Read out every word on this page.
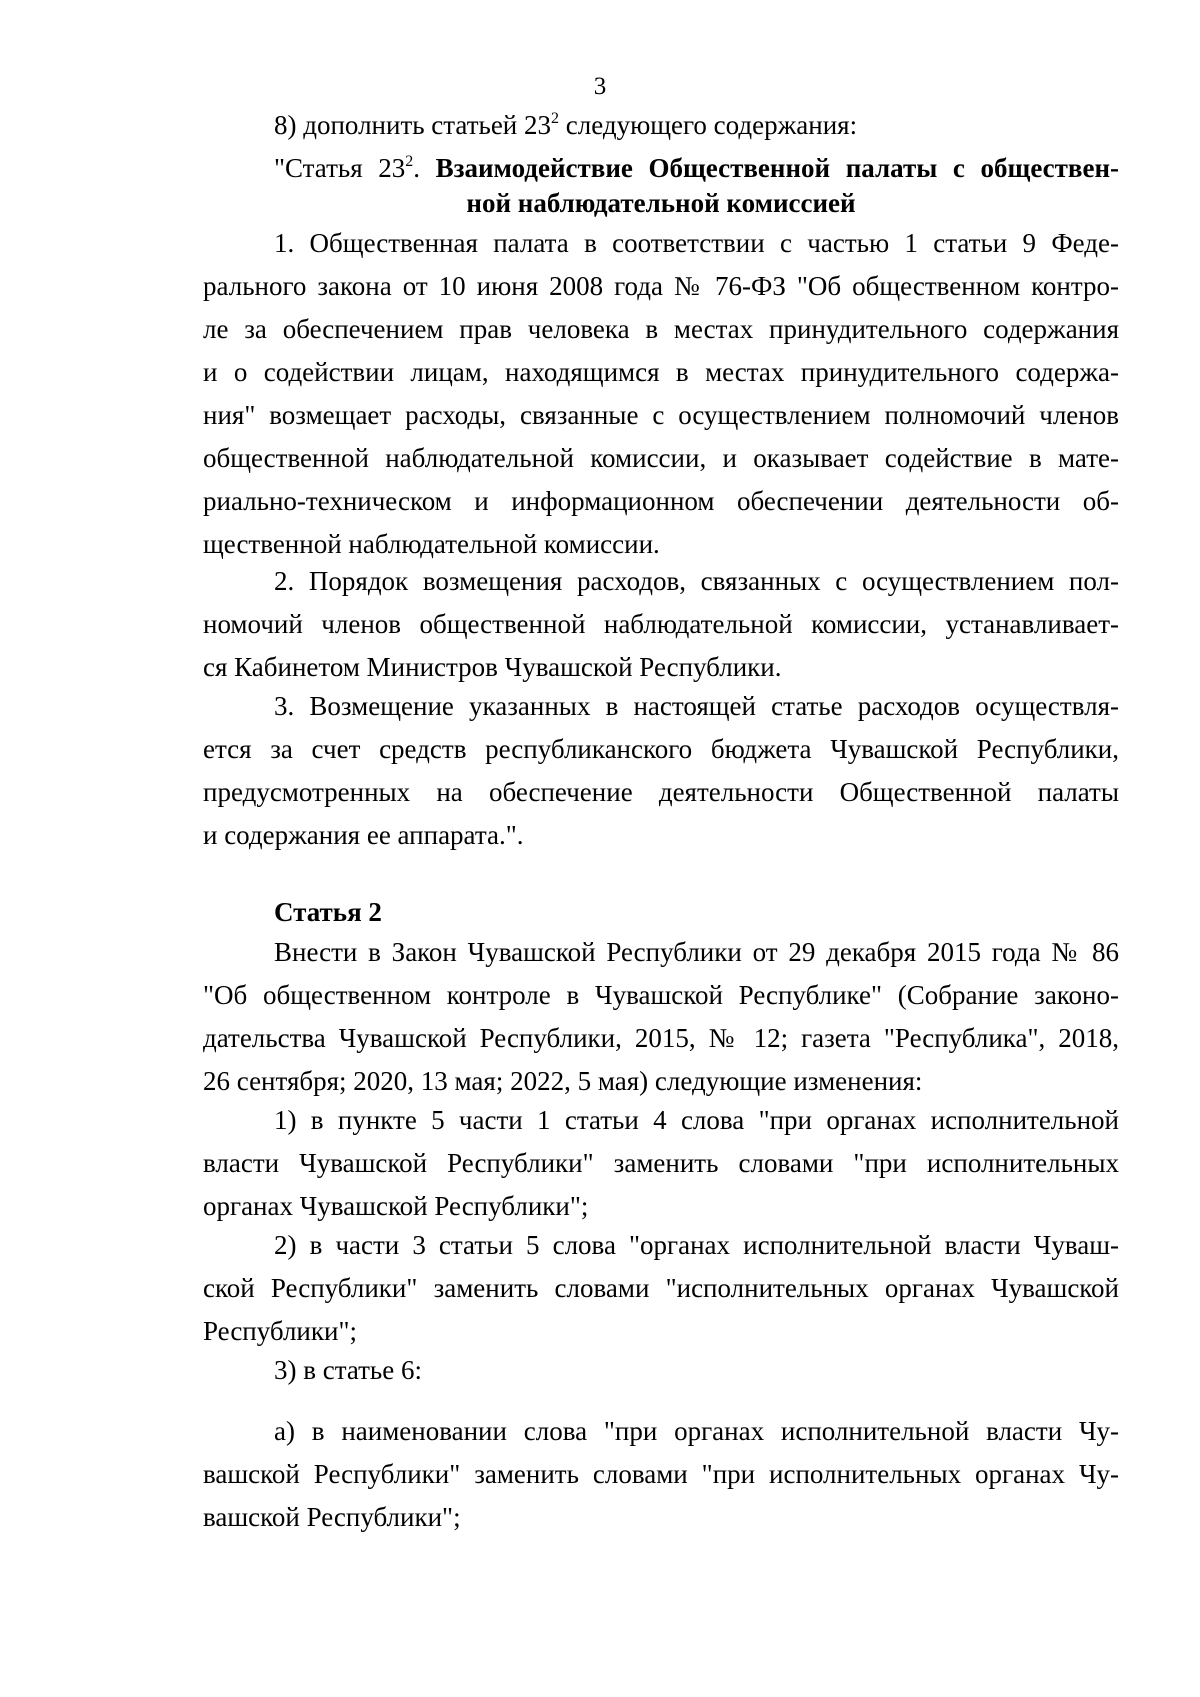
3

8) дополнить статьей $23^2$ следующего содержания:

"Статья $23^2$. Взаимодействие Общественной палаты с обществен-

ной наблюдательной комиссией

1. Общественная палата в соответствии с частью 1 статьи 9 Феде-
рального закона от 10 июня 2008 года № 76-ФЗ "Об общественном контро-
ле за обеспечением прав человека в местах принудительного содержания
и о содействии лицам, находящимся в местах принудительного содержа-
ния" возмещает расходы, связанные с осуществлением полномочий членов
общественной наблюдательной комиссии, и оказывает содействие в мате-
риально-техническом и информационном обеспечении деятельности об-
щественной наблюдательной комиссии.
2. Порядок возмещения расходов, связанных с осуществлением пол-
номочий членов общественной наблюдательной комиссии, устанавливает-
ся Кабинетом Министров Чувашской Республики.
3. Возмещение указанных в настоящей статье расходов осуществля-
ется за счет средств республиканского бюджета Чувашской Республики,
предусмотренных на обеспечение деятельности Общественной палаты
и содержания ее аппарата.".

Статья 2

Внести в Закон Чувашской Республики от 29 декабря 2015 года № 86
"Об общественном контроле в Чувашской Республике" (Собрание законо-
дательства Чувашской Республики, 2015, № 12; газета "Республика", 2018,
26 сентября; 2020, 13 мая; 2022, 5 мая) следующие изменения:
1) в пункте 5 части 1 статьи 4 слова "при органах исполнительной
власти Чувашской Республики" заменить словами "при исполнительных
органах Чувашской Республики";
2) в части 3 статьи 5 слова "органах исполнительной власти Чуваш-
ской Республики" заменить словами "исполнительных органах Чувашской
Республики";

3) в статье 6:

а) в наименовании слова "при органах исполнительной власти Чу-
вашской Республики" заменить словами "при исполнительных органах Чу-
вашской Республики";
